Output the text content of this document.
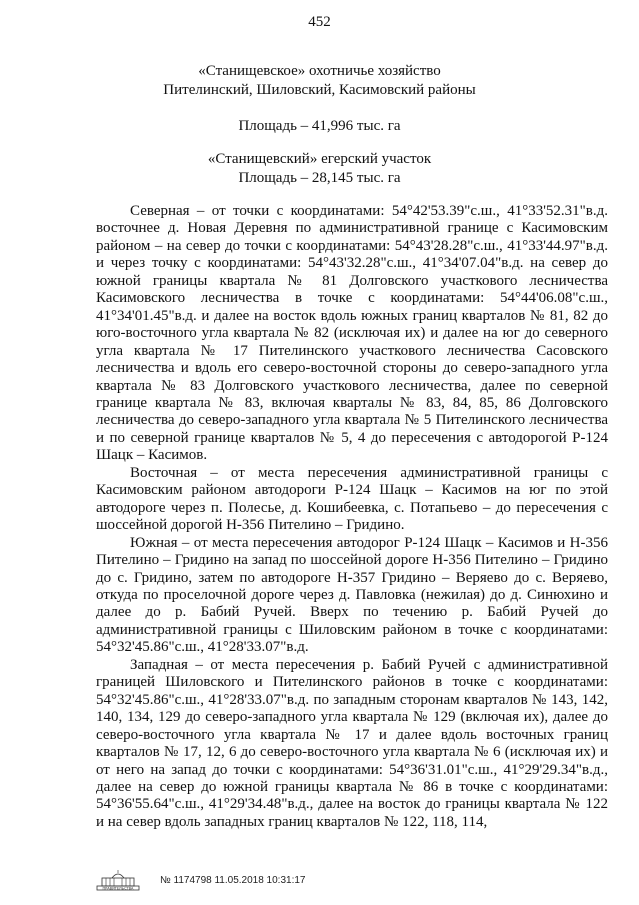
452
«Станищевское» охотничье хозяйство
Пителинский, Шиловский, Касимовский районы
Площадь – 41,996 тыс. га
«Станищевский» егерский участок
Площадь – 28,145 тыс. га

Северная – от точки с координатами: 54°42'53.39"с.ш., 41°33'52.31"в.д. восточнее д. Новая Деревня по административной границе с Касимовским районом – на север до точки с координатами: 54°43'28.28"с.ш., 41°33'44.97"в.д. и через точку с координатами: 54°43'32.28"с.ш., 41°34'07.04"в.д. на север до южной границы квартала № 81 Долговского участкового лесничества Касимовского лесничества в точке с координатами: 54°44'06.08"с.ш., 41°34'01.45"в.д. и далее на восток вдоль южных границ кварталов № 81, 82 до юго-восточного угла квартала № 82 (исключая их) и далее на юг до северного угла квартала № 17 Пителинского участкового лесничества Сасовского лесничества и вдоль его северо-восточной стороны до северо-западного угла квартала № 83 Долговского участкового лесничества, далее по северной границе квартала № 83, включая кварталы № 83, 84, 85, 86 Долговского лесничества до северо-западного угла квартала № 5 Пителинского лесничества и по северной границе кварталов № 5, 4 до пересечения с автодорогой Р-124 Шацк – Касимов.

Восточная – от места пересечения административной границы с Касимовским районом автодороги Р-124 Шацк – Касимов на юг по этой автодороге через п. Полесье, д. Кошибеевка, с. Потапьево – до пересечения с шоссейной дорогой Н-356 Пителино – Гридино.

Южная – от места пересечения автодорог Р-124 Шацк – Касимов и Н-356 Пителино – Гридино на запад по шоссейной дороге Н-356 Пителино – Гридино до с. Гридино, затем по автодороге Н-357 Гридино – Веряево до с. Веряево, откуда по проселочной дороге через д. Павловка (нежилая) до д. Синюхино и далее до р. Бабий Ручей. Вверх по течению р. Бабий Ручей до административной границы с Шиловским районом в точке с координатами: 54°32'45.86"с.ш., 41°28'33.07"в.д.

Западная – от места пересечения р. Бабий Ручей с административной границей Шиловского и Пителинского районов в точке с координатами: 54°32'45.86"с.ш., 41°28'33.07"в.д. по западным сторонам кварталов № 143, 142, 140, 134, 129 до северо-западного угла квартала № 129 (включая их), далее до северо-восточного угла квартала № 17 и далее вдоль восточных границ кварталов № 17, 12, 6 до северо-восточного угла квартала № 6 (исключая их) и от него на запад до точки с координатами: 54°36'31.01"с.ш., 41°29'29.34"в.д., далее на север до южной границы квартала № 86 в точке с координатами: 54°36'55.64"с.ш., 41°29'34.48"в.д., далее на восток до границы квартала № 122 и на север вдоль западных границ кварталов № 122, 118, 114,

ПРАВИТЕЛЬСТВА
№ 1174798 11.05.2018 10:31:17
